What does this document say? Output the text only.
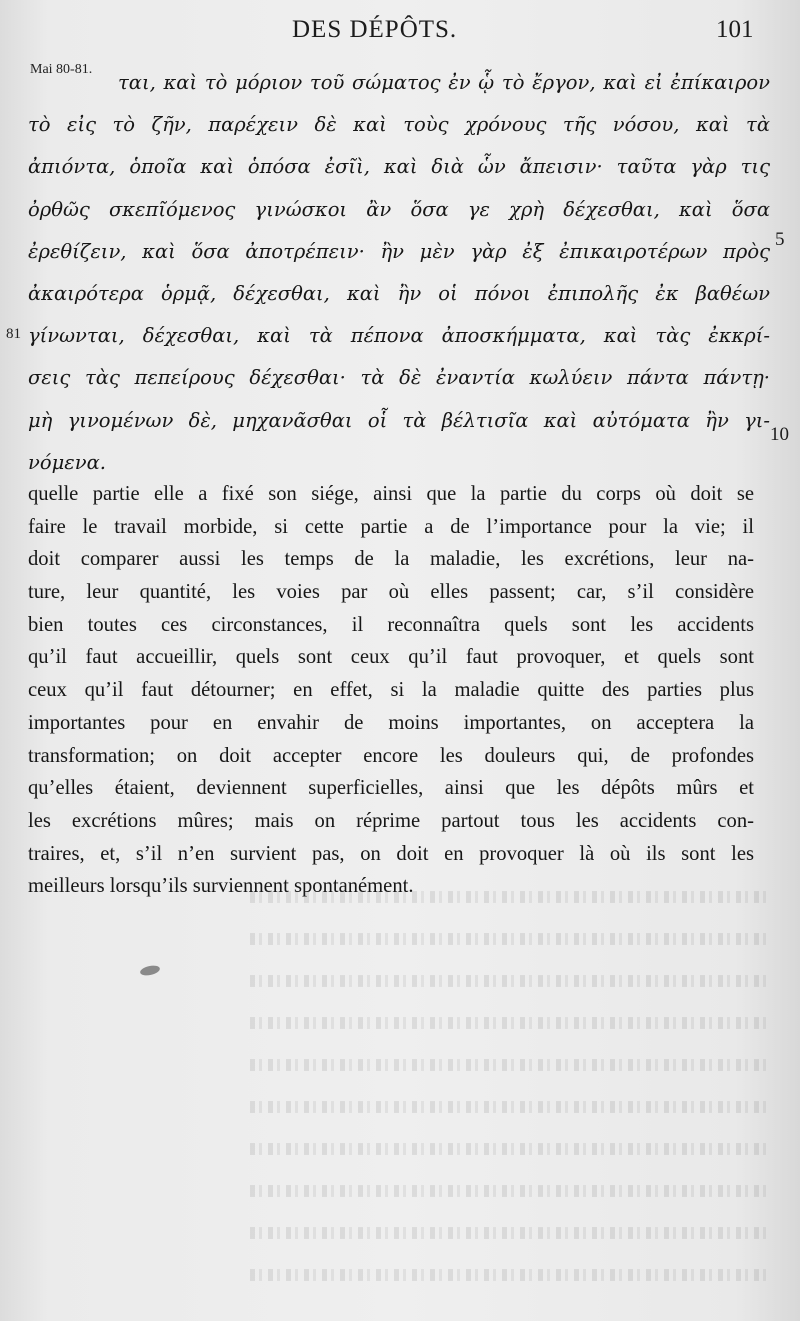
DES DÉPÔTS.	101
Mai 80-81.
81
5
10
ται, καὶ τὸ μόριον τοῦ σώματος ἐν ᾧ τὸ ἔργον, καὶ εἰ ἐπίκαιρον
τὸ εἰς τὸ ζῆν, παρέχειν δὲ καὶ τοὺς χρόνους τῆς νόσου, καὶ τὰ
ἀπιόντα, ὁποῖα καὶ ὁπόσα ἐσῖὶ, καὶ διὰ ὧν ἄπεισιν· ταῦτα γὰρ τις
ὀρθῶς σκεπῖόμενος γινώσκοι ἂν ὅσα γε χρὴ δέχεσθαι, καὶ ὅσα
ἐρεθίζειν, καὶ ὅσα ἀποτρέπειν· ἢν μὲν γὰρ ἐξ ἐπικαιροτέρων πρὸς
ἀκαιρότερα ὁρμᾷ, δέχεσθαι, καὶ ἢν οἱ πόνοι ἐπιπολῆς ἐκ βαθέων
γίνωνται, δέχεσθαι, καὶ τὰ πέπονα ἀποσκήμματα, καὶ τὰς ἐκκρί-
σεις τὰς πεπείρους δέχεσθαι· τὰ δὲ ἐναντία κωλύειν πάντα πάντῃ·
μὴ γινομένων δὲ, μηχανᾶσθαι οἷ τὰ βέλτισῖα καὶ αὐτόματα ἢν γι-
νόμενα.
quelle partie elle a fixé son siége, ainsi que la partie du corps où doit se
faire le travail morbide, si cette partie a de l’importance pour la vie; il
doit comparer aussi les temps de la maladie, les excrétions, leur na-
ture, leur quantité, les voies par où elles passent; car, s’il considère
bien toutes ces circonstances, il reconnaîtra quels sont les accidents
qu’il faut accueillir, quels sont ceux qu’il faut provoquer, et quels sont
ceux qu’il faut détourner; en effet, si la maladie quitte des parties plus
importantes pour en envahir de moins importantes, on acceptera la
transformation; on doit accepter encore les douleurs qui, de profondes
qu’elles étaient, deviennent superficielles, ainsi que les dépôts mûrs et
les excrétions mûres; mais on réprime partout tous les accidents con-
traires, et, s’il n’en survient pas, on doit en provoquer là où ils sont les
meilleurs lorsqu’ils surviennent spontanément.
